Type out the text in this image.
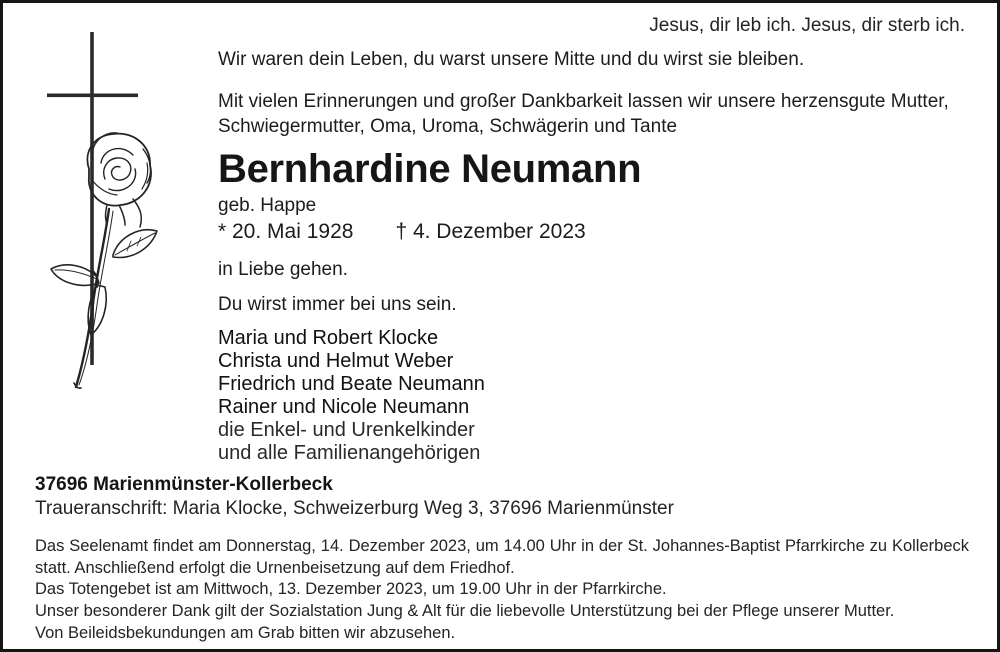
Jesus, dir leb ich. Jesus, dir sterb ich.
Wir waren dein Leben, du warst unsere Mitte und du wirst sie bleiben.
Mit vielen Erinnerungen und großer Dankbarkeit lassen wir unsere herzensgute Mutter, Schwiegermutter, Oma, Uroma, Schwägerin und Tante
Bernhardine Neumann
geb. Happe
* 20. Mai 1928 † 4. Dezember 2023
in Liebe gehen.
Du wirst immer bei uns sein.
Maria und Robert Klocke
Christa und Helmut Weber
Friedrich und Beate Neumann
Rainer und Nicole Neumann
die Enkel- und Urenkelkinder
und alle Familienangehörigen
37696 Marienmünster-Kollerbeck
Traueranschrift: Maria Klocke, Schweizerburg Weg 3, 37696 Marienmünster

Das Seelenamt findet am Donnerstag, 14. Dezember 2023, um 14.00 Uhr in der St. Johannes-Baptist Pfarrkirche zu Kollerbeck statt. Anschließend erfolgt die Urnenbeisetzung auf dem Friedhof.

Das Totengebet ist am Mittwoch, 13. Dezember 2023, um 19.00 Uhr in der Pfarrkirche.

Unser besonderer Dank gilt der Sozialstation Jung & Alt für die liebevolle Unterstützung bei der Pflege unserer Mutter.

Von Beileidsbekundungen am Grab bitten wir abzusehen.
